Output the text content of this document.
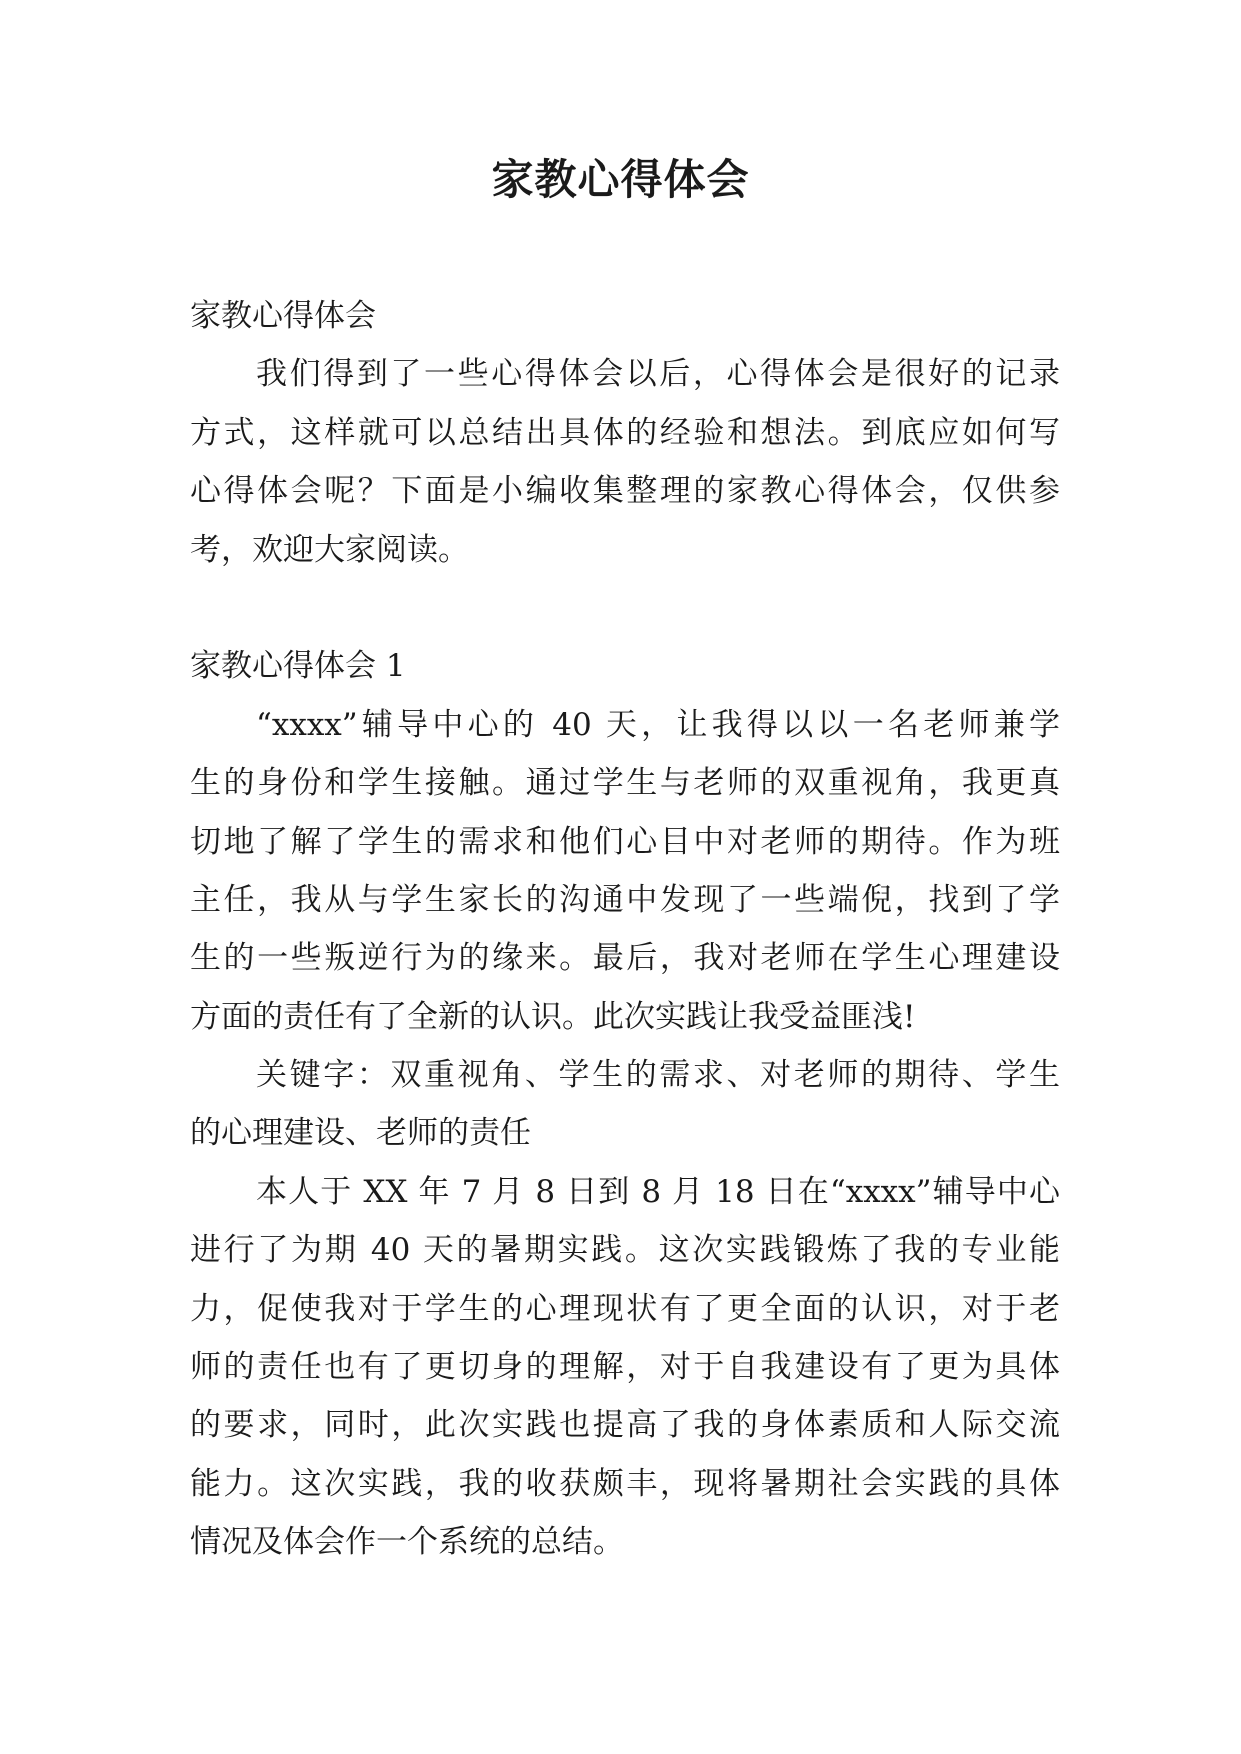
家教心得体会
家教心得体会
我们得到了一些心得体会以后，心得体会是很好的记录
方式，这样就可以总结出具体的经验和想法。到底应如何写
心得体会呢？下面是小编收集整理的家教心得体会，仅供参
考，欢迎大家阅读。
家教心得体会 1
“xxxx”辅导中心的 40 天，让我得以以一名老师兼学
生的身份和学生接触。通过学生与老师的双重视角，我更真
切地了解了学生的需求和他们心目中对老师的期待。作为班
主任，我从与学生家长的沟通中发现了一些端倪，找到了学
生的一些叛逆行为的缘来。最后，我对老师在学生心理建设
方面的责任有了全新的认识。此次实践让我受益匪浅!
关键字：双重视角、学生的需求、对老师的期待、学生
的心理建设、老师的责任
本人于 XX 年 7 月 8 日到 8 月 18 日在“xxxx”辅导中心
进行了为期 40 天的暑期实践。这次实践锻炼了我的专业能
力，促使我对于学生的心理现状有了更全面的认识，对于老
师的责任也有了更切身的理解，对于自我建设有了更为具体
的要求，同时，此次实践也提高了我的身体素质和人际交流
能力。这次实践，我的收获颇丰，现将暑期社会实践的具体
情况及体会作一个系统的总结。
